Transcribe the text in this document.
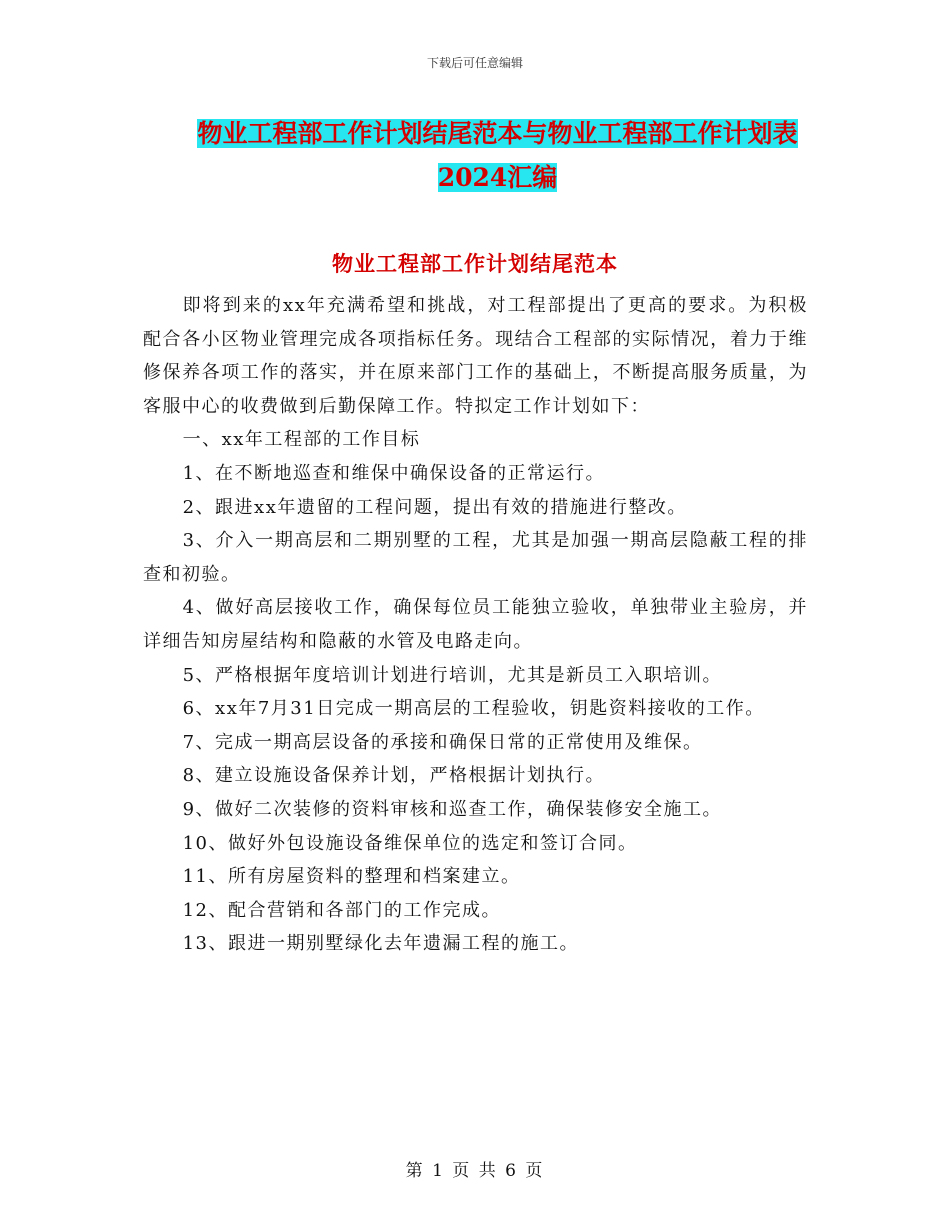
下载后可任意编辑
物业工程部工作计划结尾范本与物业工程部工作计划表2024汇编
物业工程部工作计划结尾范本

即将到来的xx年充满希望和挑战，对工程部提出了更高的要求。为积极配合各小区物业管理完成各项指标任务。现结合工程部的实际情况，着力于维修保养各项工作的落实，并在原来部门工作的基础上，不断提高服务质量，为客服中心的收费做到后勤保障工作。特拟定工作计划如下：

一、xx年工程部的工作目标

1、在不断地巡查和维保中确保设备的正常运行。

2、跟进xx年遗留的工程问题，提出有效的措施进行整改。

3、介入一期高层和二期别墅的工程，尤其是加强一期高层隐蔽工程的排查和初验。

4、做好高层接收工作，确保每位员工能独立验收，单独带业主验房，并详细告知房屋结构和隐蔽的水管及电路走向。

5、严格根据年度培训计划进行培训，尤其是新员工入职培训。

6、xx年7月31日完成一期高层的工程验收，钥匙资料接收的工作。

7、完成一期高层设备的承接和确保日常的正常使用及维保。

8、建立设施设备保养计划，严格根据计划执行。

9、做好二次装修的资料审核和巡查工作，确保装修安全施工。

10、做好外包设施设备维保单位的选定和签订合同。

11、所有房屋资料的整理和档案建立。

12、配合营销和各部门的工作完成。

13、跟进一期别墅绿化去年遗漏工程的施工。

第 1 页 共 6 页
